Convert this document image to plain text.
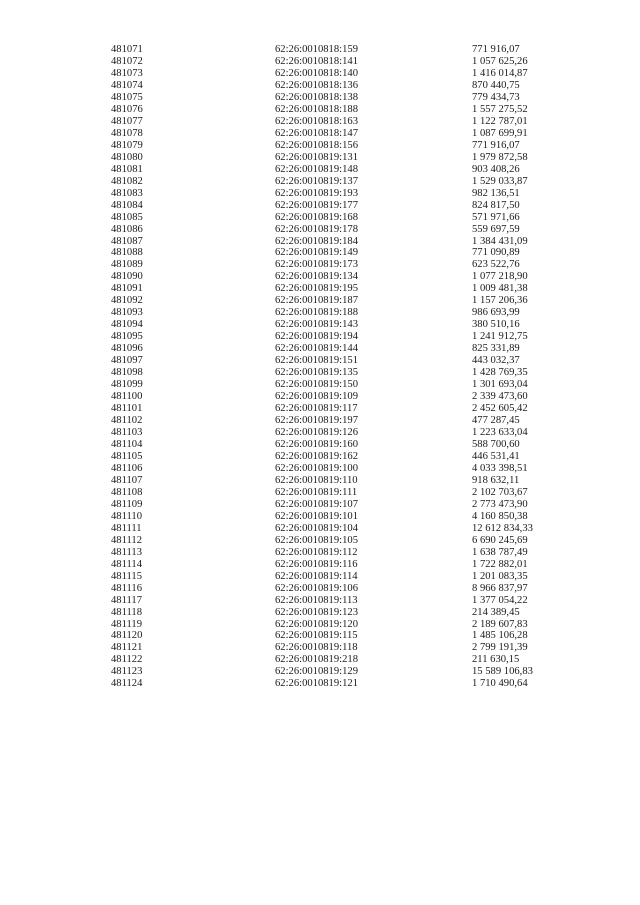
481071	62:26:0010818:159	771 916,07
481072	62:26:0010818:141	1 057 625,26
481073	62:26:0010818:140	1 416 014,87
481074	62:26:0010818:136	870 440,75
481075	62:26:0010818:138	779 434,73
481076	62:26:0010818:188	1 557 275,52
481077	62:26:0010818:163	1 122 787,01
481078	62:26:0010818:147	1 087 699,91
481079	62:26:0010818:156	771 916,07
481080	62:26:0010819:131	1 979 872,58
481081	62:26:0010819:148	903 408,26
481082	62:26:0010819:137	1 529 033,87
481083	62:26:0010819:193	982 136,51
481084	62:26:0010819:177	824 817,50
481085	62:26:0010819:168	571 971,66
481086	62:26:0010819:178	559 697,59
481087	62:26:0010819:184	1 384 431,09
481088	62:26:0010819:149	771 090,89
481089	62:26:0010819:173	623 522,76
481090	62:26:0010819:134	1 077 218,90
481091	62:26:0010819:195	1 009 481,38
481092	62:26:0010819:187	1 157 206,36
481093	62:26:0010819:188	986 693,99
481094	62:26:0010819:143	380 510,16
481095	62:26:0010819:194	1 241 912,75
481096	62:26:0010819:144	825 331,89
481097	62:26:0010819:151	443 032,37
481098	62:26:0010819:135	1 428 769,35
481099	62:26:0010819:150	1 301 693,04
481100	62:26:0010819:109	2 339 473,60
481101	62:26:0010819:117	2 452 605,42
481102	62:26:0010819:197	477 287,45
481103	62:26:0010819:126	1 223 633,04
481104	62:26:0010819:160	588 700,60
481105	62:26:0010819:162	446 531,41
481106	62:26:0010819:100	4 033 398,51
481107	62:26:0010819:110	918 632,11
481108	62:26:0010819:111	2 102 703,67
481109	62:26:0010819:107	2 773 473,90
481110	62:26:0010819:101	4 160 850,38
481111	62:26:0010819:104	12 612 834,33
481112	62:26:0010819:105	6 690 245,69
481113	62:26:0010819:112	1 638 787,49
481114	62:26:0010819:116	1 722 882,01
481115	62:26:0010819:114	1 201 083,35
481116	62:26:0010819:106	8 966 837,97
481117	62:26:0010819:113	1 377 054,22
481118	62:26:0010819:123	214 389,45
481119	62:26:0010819:120	2 189 607,83
481120	62:26:0010819:115	1 485 106,28
481121	62:26:0010819:118	2 799 191,39
481122	62:26:0010819:218	211 630,15
481123	62:26:0010819:129	15 589 106,83
481124	62:26:0010819:121	1 710 490,64
